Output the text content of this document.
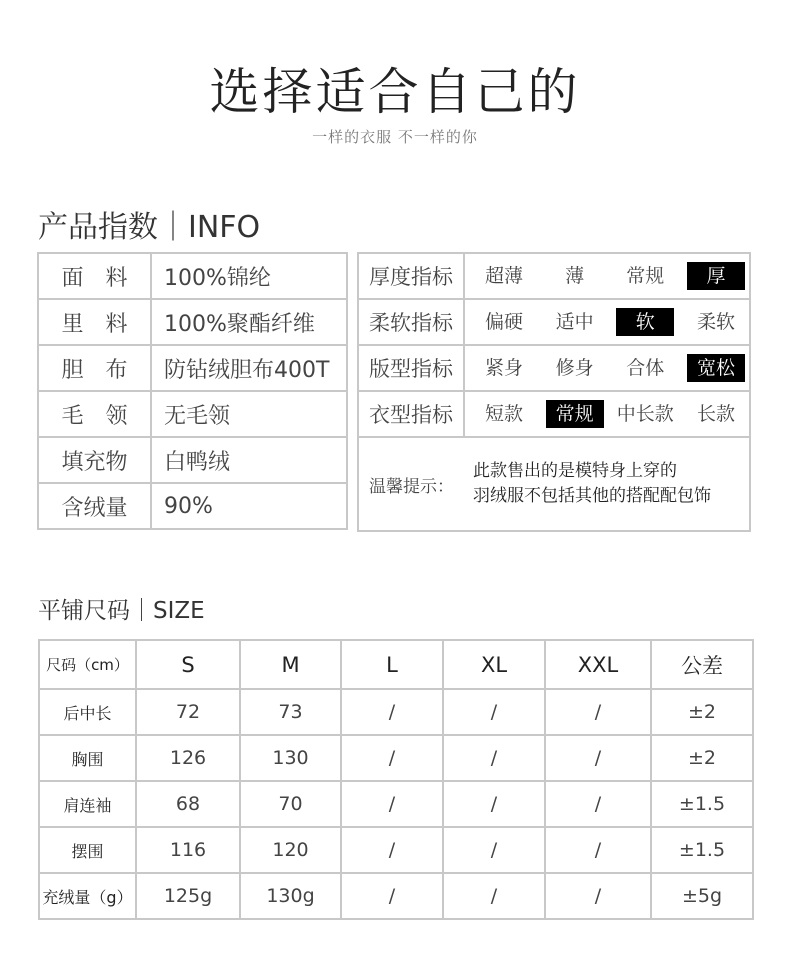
选择适合自己的
一样的衣服 不一样的你
产品指数｜INFO
面　料	100%锦纶
里　料	100%聚酯纤维
胆　布	防钻绒胆布400T
毛　领	无毛领
填充物	白鸭绒
含绒量	90%
厚度指标	超薄 薄 常规 厚

柔软指标	偏硬 适中 软 柔软

版型指标	紧身 修身 合体 宽松

衣型指标	短款 常规 中长款 长款

温馨提示：
此款售出的是模特身上穿的
羽绒服不包括其他的搭配配包饰	
平铺尺码｜SIZE
尺码（cm）	S	M	L	XL	XXL	公差
后中长	72	73	/	/	/	±2
胸围	126	130	/	/	/	±2
肩连袖	68	70	/	/	/	±1.5
摆围	116	120	/	/	/	±1.5
充绒量（g）	125g	130g	/	/	/	±5g
